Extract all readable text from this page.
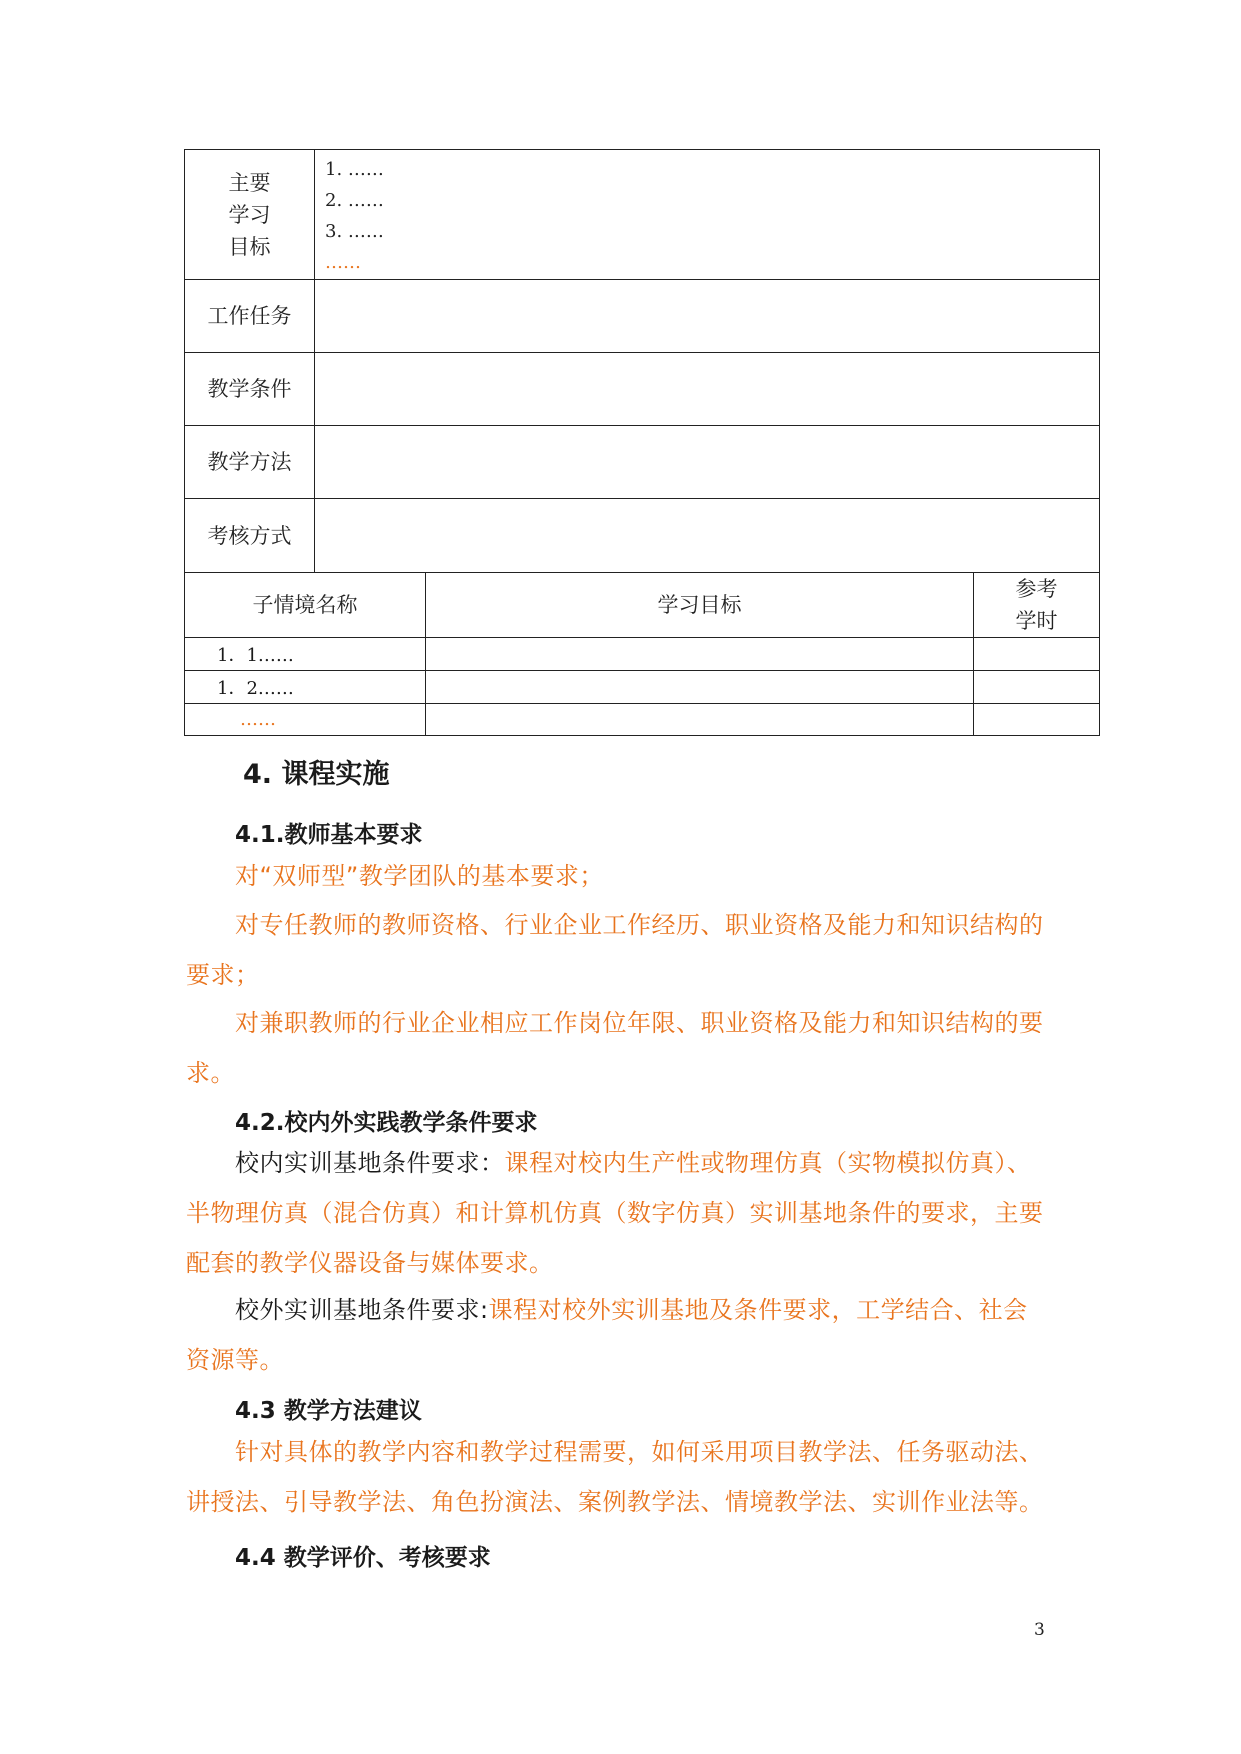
主要
学习
目标
1. ……
2. ……
3. ……
……
工作任务
教学条件
教学方法
考核方式
子情境名称	学习目标
参考
学时
1．1……
1．2……
……
4. 课程实施
4.1.教师基本要求
对“双师型”教学团队的基本要求；
对专任教师的教师资格、行业企业工作经历、职业资格及能力和知识结构的要求；
对兼职教师的行业企业相应工作岗位年限、职业资格及能力和知识结构的要求。
4.2.校内外实践教学条件要求
校内实训基地条件要求：课程对校内生产性或物理仿真（实物模拟仿真）、半物理仿真（混合仿真）和计算机仿真（数字仿真）实训基地条件的要求，主要配套的教学仪器设备与媒体要求。
校外实训基地条件要求:课程对校外实训基地及条件要求，工学结合、社会资源等。
4.3 教学方法建议
针对具体的教学内容和教学过程需要，如何采用项目教学法、任务驱动法、讲授法、引导教学法、角色扮演法、案例教学法、情境教学法、实训作业法等。
4.4 教学评价、考核要求
3
